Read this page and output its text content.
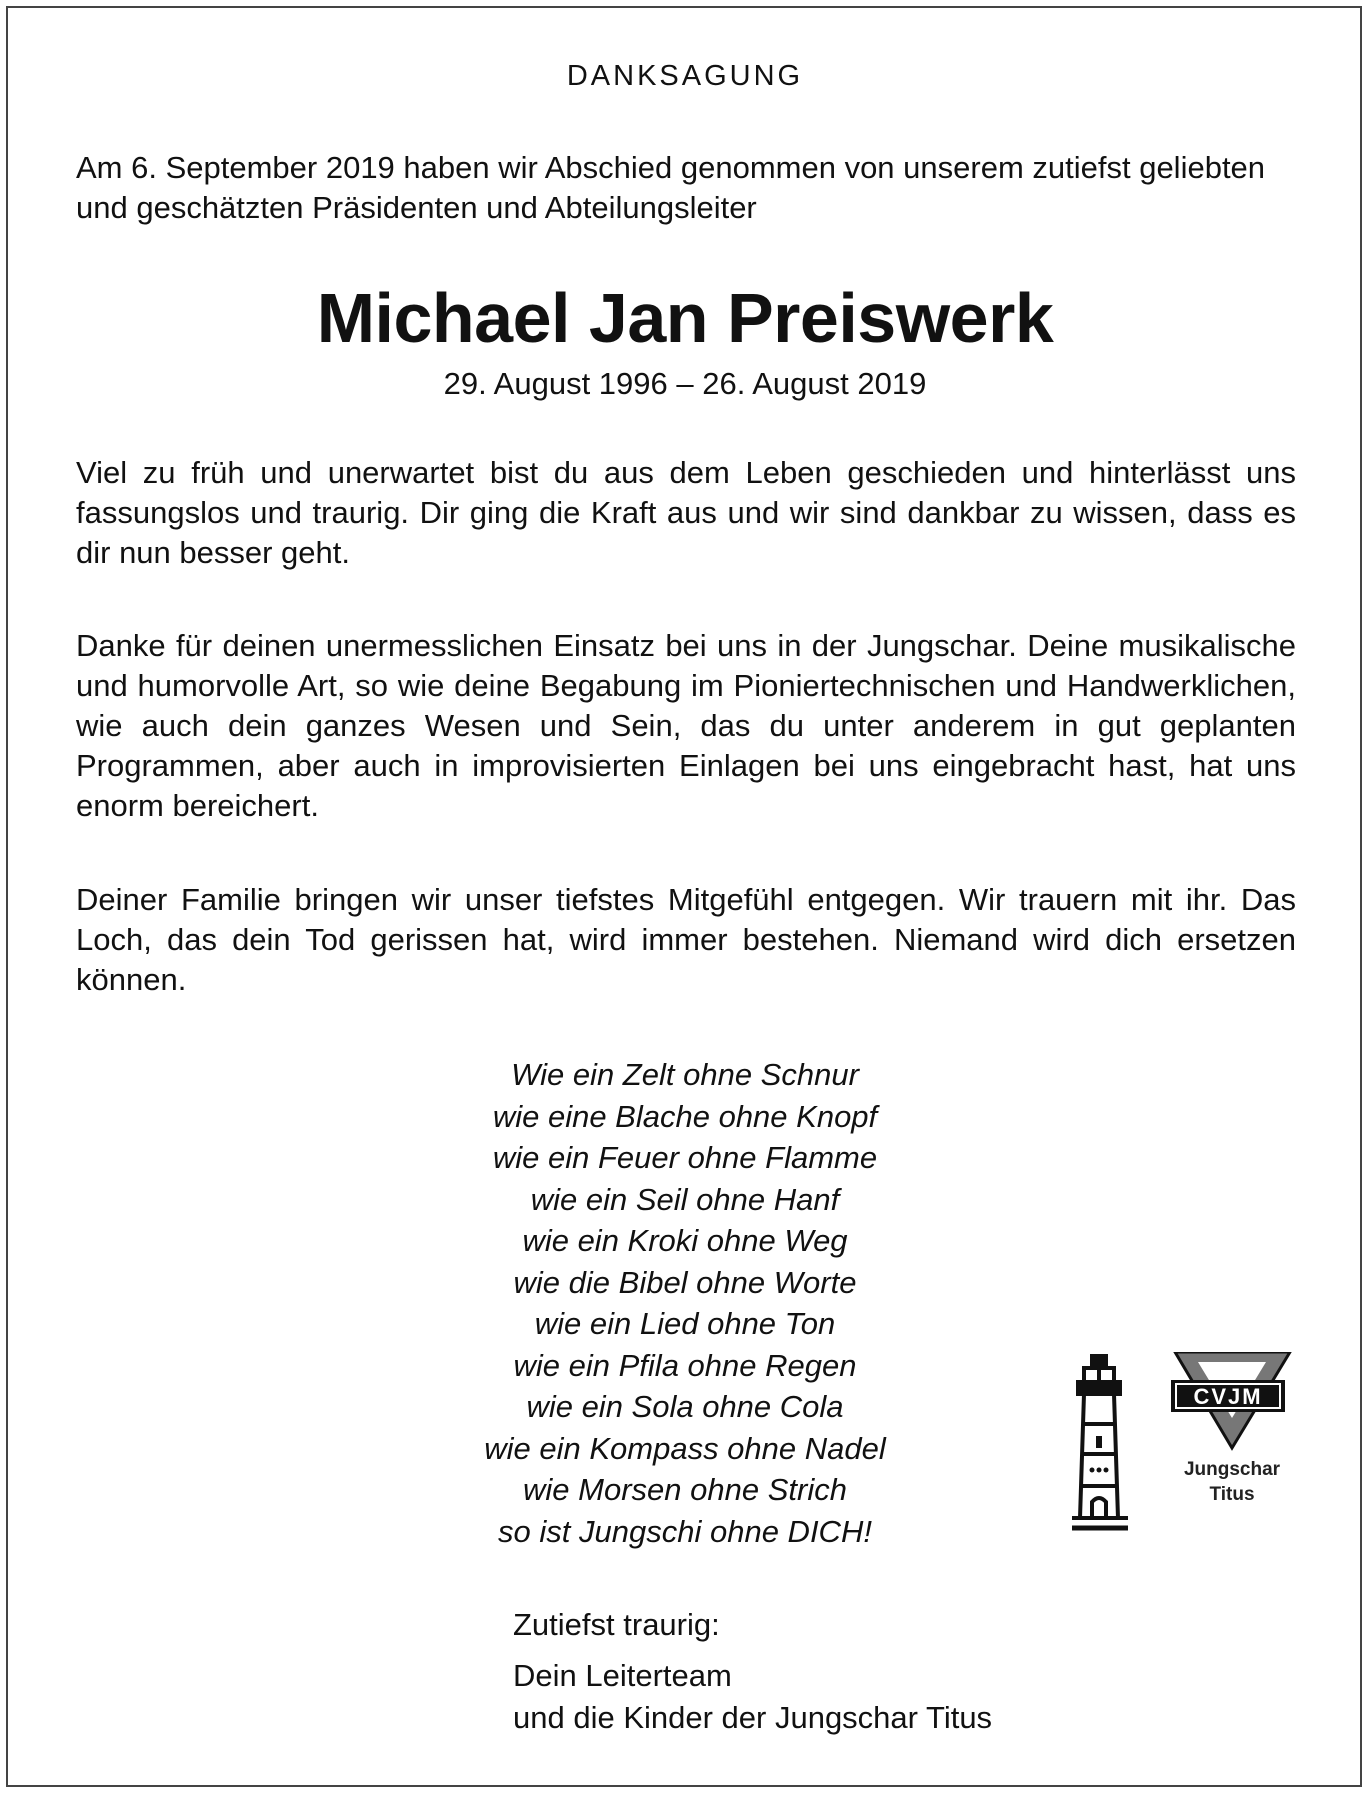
DANKSAGUNG
Am 6. September 2019 haben wir Abschied genommen von unserem zutiefst geliebten und geschätzten Präsidenten und Abteilungsleiter
Michael Jan Preiswerk
29. August 1996 – 26. August 2019
Viel zu früh und unerwartet bist du aus dem Leben geschieden und hinterlässt uns fassungslos und traurig. Dir ging die Kraft aus und wir sind dankbar zu wissen, dass es dir nun besser geht.
Danke für deinen unermesslichen Einsatz bei uns in der Jungschar. Deine musikalische und humorvolle Art, so wie deine Begabung im Pioniertechnischen und Handwerklichen, wie auch dein ganzes Wesen und Sein, das du unter anderem in gut geplanten Programmen, aber auch in improvisierten Einlagen bei uns eingebracht hast, hat uns enorm bereichert.
Deiner Familie bringen wir unser tiefstes Mitgefühl entgegen. Wir trauern mit ihr. Das Loch, das dein Tod gerissen hat, wird immer bestehen. Niemand wird dich ersetzen können.
Wie ein Zelt ohne Schnur
wie eine Blache ohne Knopf
wie ein Feuer ohne Flamme
wie ein Seil ohne Hanf
wie ein Kroki ohne Weg
wie die Bibel ohne Worte
wie ein Lied ohne Ton
wie ein Pfila ohne Regen
wie ein Sola ohne Cola
wie ein Kompass ohne Nadel
wie Morsen ohne Strich
so ist Jungschi ohne DICH!
Zutiefst traurig:
Dein Leiterteam
und die Kinder der Jungschar Titus
CVJM
Jungschar
Titus
